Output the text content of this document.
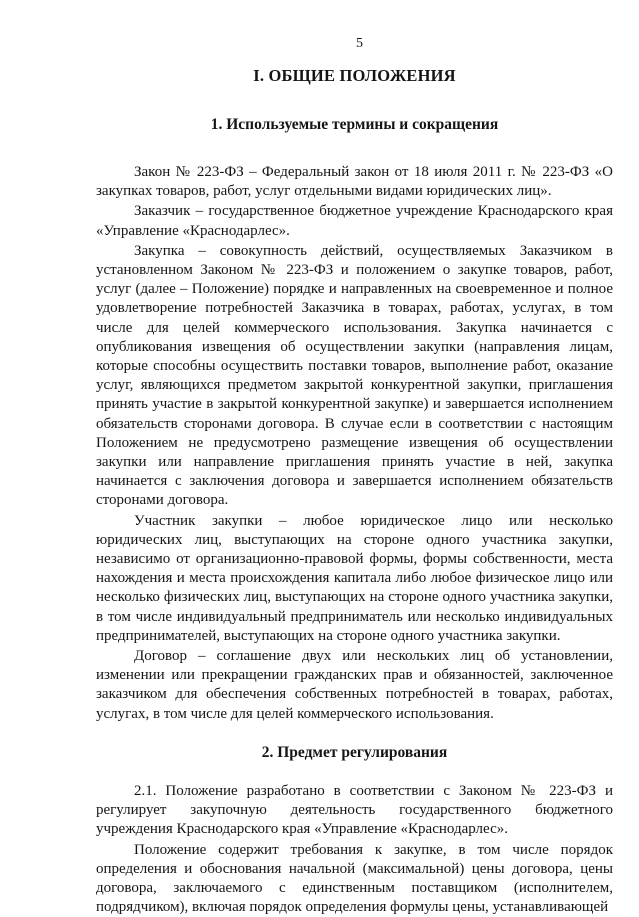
5
I. ОБЩИЕ ПОЛОЖЕНИЯ
1. Используемые термины и сокращения

Закон № 223-ФЗ – Федеральный закон от 18 июля 2011 г. № 223-ФЗ «О закупках товаров, работ, услуг отдельными видами юридических лиц».

Заказчик – государственное бюджетное учреждение Краснодарского края «Управление «Краснодарлес».

Закупка – совокупность действий, осуществляемых Заказчиком в установленном Законом № 223-ФЗ и положением о закупке товаров, работ, услуг (далее – Положение) порядке и направленных на своевременное и полное удовлетворение потребностей Заказчика в товарах, работах, услугах, в том числе для целей коммерческого использования. Закупка начинается с опубликования извещения об осуществлении закупки (направления лицам, которые способны осуществить поставки товаров, выполнение работ, оказание услуг, являющихся предметом закрытой конкурентной закупки, приглашения принять участие в закрытой конкурентной закупке) и завершается исполнением обязательств сторонами договора. В случае если в соответствии с настоящим Положением не предусмотрено размещение извещения об осуществлении закупки или направление приглашения принять участие в ней, закупка начинается с заключения договора и завершается исполнением обязательств сторонами договора.

Участник закупки – любое юридическое лицо или несколько юридических лиц, выступающих на стороне одного участника закупки, независимо от организационно-правовой формы, формы собственности, места нахождения и места происхождения капитала либо любое физическое лицо или несколько физических лиц, выступающих на стороне одного участника закупки, в том числе индивидуальный предприниматель или несколько индивидуальных предпринимателей, выступающих на стороне одного участника закупки.

Договор – соглашение двух или нескольких лиц об установлении, изменении или прекращении гражданских прав и обязанностей, заключенное заказчиком для обеспечения собственных потребностей в товарах, работах, услугах, в том числе для целей коммерческого использования.

2. Предмет регулирования

2.1. Положение разработано в соответствии с Законом № 223-ФЗ и регулирует закупочную деятельность государственного бюджетного учреждения Краснодарского края «Управление «Краснодарлес».

Положение содержит требования к закупке, в том числе порядок определения и обоснования начальной (максимальной) цены договора, цены договора, заключаемого с единственным поставщиком (исполнителем, подрядчиком), включая порядок определения формулы цены, устанавливающей
